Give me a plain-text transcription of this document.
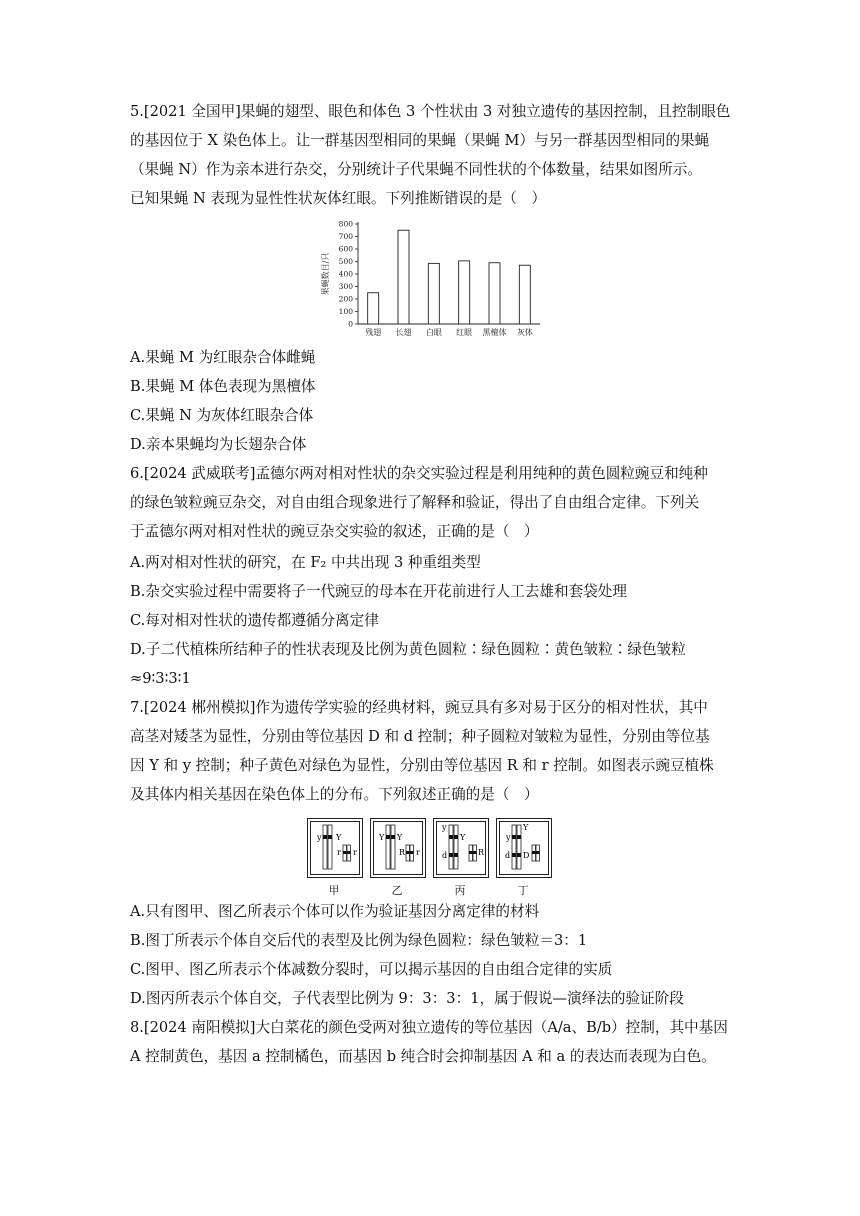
5.[2021 全国甲]果蝇的翅型、眼色和体色 3 个性状由 3 对独立遗传的基因控制，且控制眼色
的基因位于 X 染色体上。让一群基因型相同的果蝇（果蝇 M）与另一群基因型相同的果蝇
（果蝇 N）作为亲本进行杂交，分别统计子代果蝇不同性状的个体数量，结果如图所示。
已知果蝇 N 表现为显性性状灰体红眼。下列推断错误的是（　）
0
100
200
300
400
500
600
700
800
果蝇数目/只
残翅 长翅 白眼 红眼 黑檀体 灰体
A.果蝇 M 为红眼杂合体雌蝇
B.果蝇 M 体色表现为黑檀体
C.果蝇 N 为灰体红眼杂合体
D.亲本果蝇均为长翅杂合体
6.[2024 武威联考]孟德尔两对相对性状的杂交实验过程是利用纯种的黄色圆粒豌豆和纯种
的绿色皱粒豌豆杂交，对自由组合现象进行了解释和验证，得出了自由组合定律。下列关
于孟德尔两对相对性状的豌豆杂交实验的叙述，正确的是（　）
A.两对相对性状的研究，在 F₂ 中共出现 3 种重组类型
B.杂交实验过程中需要将子一代豌豆的母本在开花前进行人工去雄和套袋处理
C.每对相对性状的遗传都遵循分离定律
D.子二代植株所结种子的性状表现及比例为黄色圆粒∶绿色圆粒∶黄色皱粒∶绿色皱粒
≈9∶3∶3∶1
7.[2024 郴州模拟]作为遗传学实验的经典材料，豌豆具有多对易于区分的相对性状，其中
高茎对矮茎为显性，分别由等位基因 D 和 d 控制；种子圆粒对皱粒为显性，分别由等位基
因 Y 和 y 控制；种子黄色对绿色为显性，分别由等位基因 R 和 r 控制。如图表示豌豆植株
及其体内相关基因在染色体上的分布。下列叙述正确的是（　）
y Y
r r
甲
Y Y
R r
乙
Y
y
d	R
丙
y
Y
d D
丁
A.只有图甲、图乙所表示个体可以作为验证基因分离定律的材料
B.图丁所表示个体自交后代的表型及比例为绿色圆粒：绿色皱粒＝3：1
C.图甲、图乙所表示个体减数分裂时，可以揭示基因的自由组合定律的实质
D.图丙所表示个体自交，子代表型比例为 9：3：3：1，属于假说—演绎法的验证阶段
8.[2024 南阳模拟]大白菜花的颜色受两对独立遗传的等位基因（A/a、B/b）控制，其中基因
A 控制黄色，基因 a 控制橘色，而基因 b 纯合时会抑制基因 A 和 a 的表达而表现为白色。
